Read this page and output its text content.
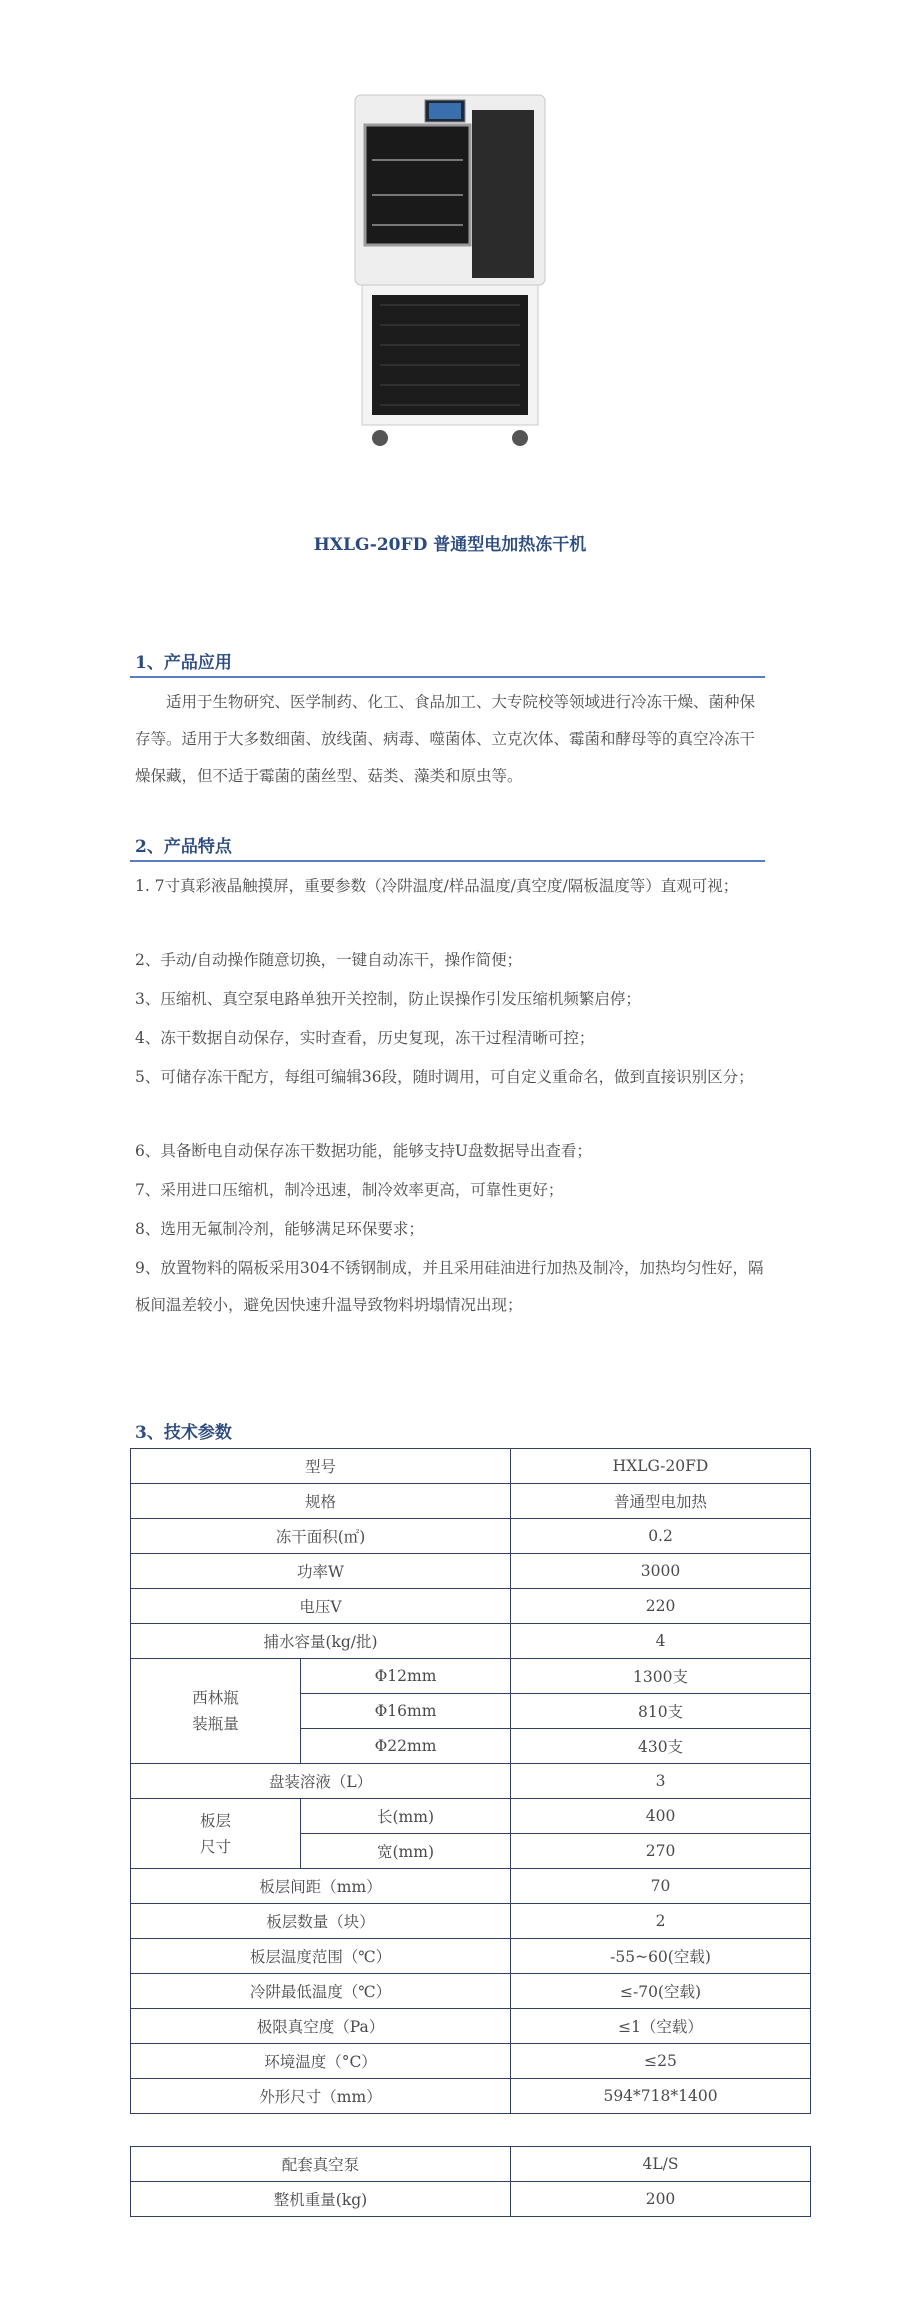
HXLG-20FD 普通型电加热冻干机
1、产品应用
适用于生物研究、医学制药、化工、食品加工、大专院校等领域进行冷冻干燥、菌种保存等。适用于大多数细菌、放线菌、病毒、噬菌体、立克次体、霉菌和酵母等的真空冷冻干燥保藏，但不适于霉菌的菌丝型、菇类、藻类和原虫等。
2、产品特点

1. 7寸真彩液晶触摸屏，重要参数（冷阱温度/样品温度/真空度/隔板温度等）直观可视；

2、手动/自动操作随意切换，一键自动冻干，操作简便；

3、压缩机、真空泵电路单独开关控制，防止误操作引发压缩机频繁启停；

4、冻干数据自动保存，实时查看，历史复现，冻干过程清晰可控；

5、可储存冻干配方，每组可编辑36段，随时调用，可自定义重命名，做到直接识别区分；

6、具备断电自动保存冻干数据功能，能够支持U盘数据导出查看；

7、采用进口压缩机，制冷迅速，制冷效率更高，可靠性更好；

8、选用无氟制冷剂，能够满足环保要求；

9、放置物料的隔板采用304不锈钢制成，并且采用硅油进行加热及制冷，加热均匀性好，隔板间温差较小，避免因快速升温导致物料坍塌情况出现；

3、技术参数
型号		HXLG-20FD
规格		普通型电加热
冻干面积(㎡)		0.2
功率W		3000
电压V		220
捕水容量(kg/批)		4
西林瓶
装瓶量	Φ12mm	1300支
	Φ16mm	810支
	Φ22mm	430支
盘装溶液（L）		3
板层
尺寸	长(mm)	400
	宽(mm)	270
板层间距（mm）		70
板层数量（块）		2
板层温度范围（℃）		-55~60(空载)
冷阱最低温度（℃）		≤-70(空载)
极限真空度（Pa）		≤1（空载）
环境温度（°C）		≤25
外形尺寸（mm）		594*718*1400
配套真空泵	4L/S
整机重量(kg)	200
